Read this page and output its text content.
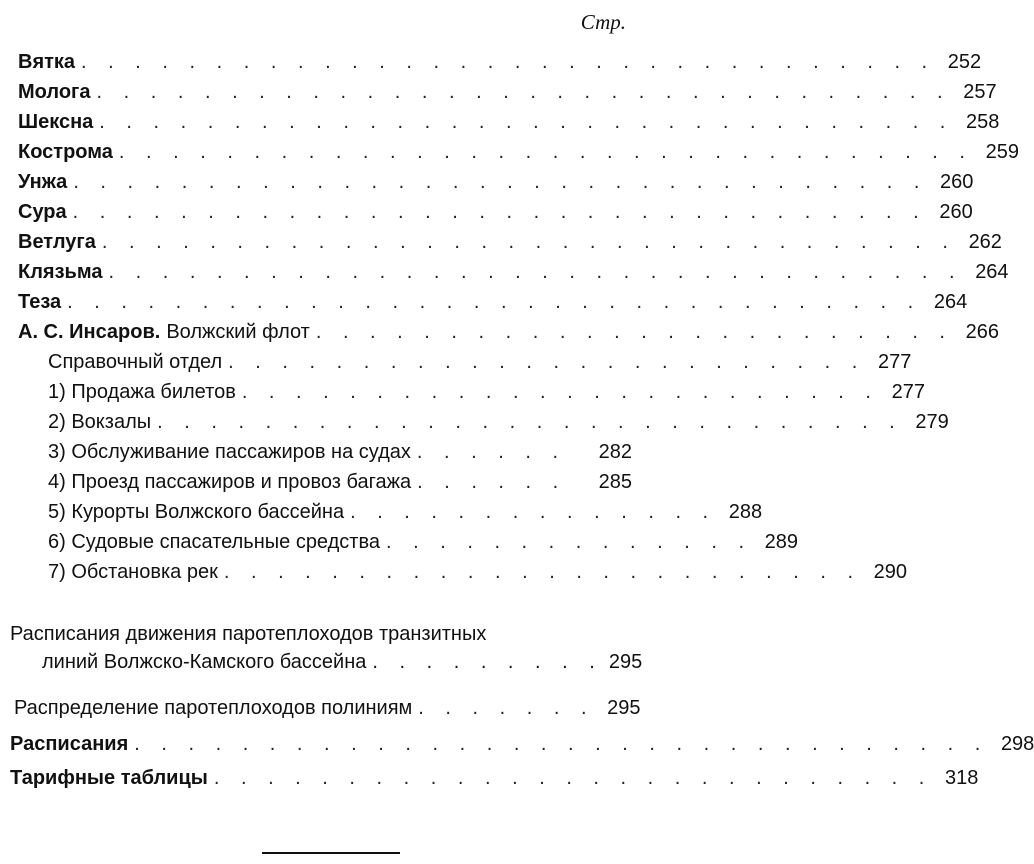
Стр.
Вятка . . . . . . . . . . . . . . . . . . . . . . . . . . . . . . . . 252
Молога . . . . . . . . . . . . . . . . . . . . . . . . . . . . . . . . 257
Шексна . . . . . . . . . . . . . . . . . . . . . . . . . . . . . . . . 258
Кострома . . . . . . . . . . . . . . . . . . . . . . . . . . . . . . . . 259
Унжа . . . . . . . . . . . . . . . . . . . . . . . . . . . . . . . . 260
Сура . . . . . . . . . . . . . . . . . . . . . . . . . . . . . . . . 260
Ветлуга . . . . . . . . . . . . . . . . . . . . . . . . . . . . . . . . 262
Клязьма . . . . . . . . . . . . . . . . . . . . . . . . . . . . . . . . 264
Теза . . . . . . . . . . . . . . . . . . . . . . . . . . . . . . . . 264
А. С. Инсаров. Волжский флот . . . . . . . . . . . . . . . . . . . . . . . . 266
Справочный отдел . . . . . . . . . . . . . . . . . . . . . . . . 277
1) Продажа билетов . . . . . . . . . . . . . . . . . . . . . . . . 277
2) Вокзалы . . . . . . . . . . . . . . . . . . . . . . . . . . . . 279
3) Обслуживание пассажиров на судах . . . . . .	282
4) Проезд пассажиров и провоз багажа . . . . . .	285
5) Курорты Волжского бассейна . . . . . . . . . . . . . . 288
6) Судовые спасательные средства . . . . . . . . . . . . . . 289
7) Обстановка рек . . . . . . . . . . . . . . . . . . . . . . . . 290
Расписания движения паротеплоходов транзитных
линий Волжско-Камского бассейна . . . . . . . . . 295
Распределение паротеплоходов полиниям . . . . . . . 295
Расписания . . . . . . . . . . . . . . . . . . . . . . . . . . . . . . . . 298
Тарифные таблицы . . . . . . . . . . . . . . . . . . . . . . . . . . . 318
